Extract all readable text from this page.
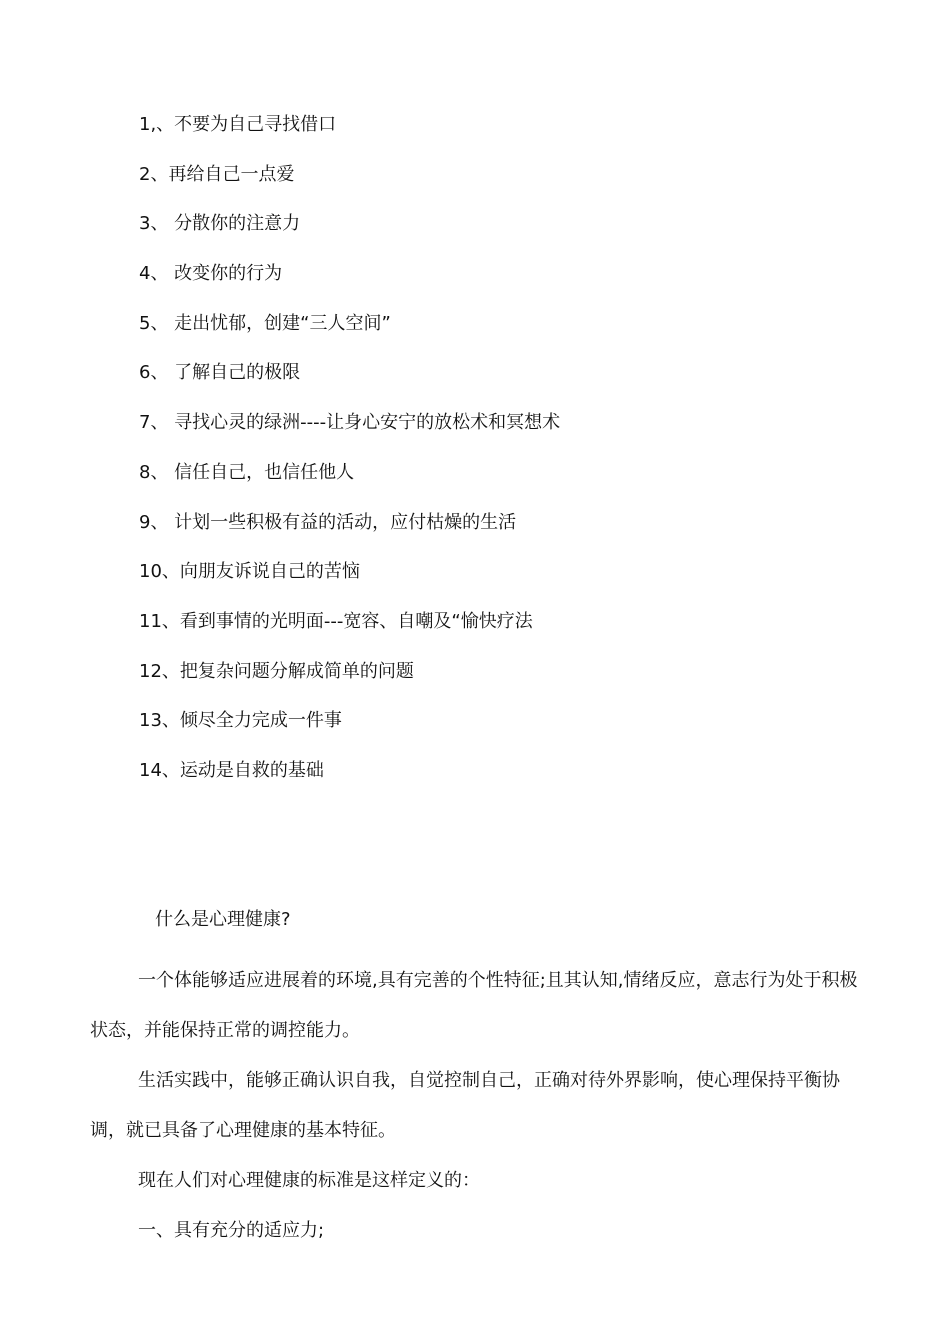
1,、不要为自己寻找借口
2、再给自己一点爱
3、 分散你的注意力
4、 改变你的行为
5、 走出忧郁，创建“三人空间”
6、 了解自己的极限
7、 寻找心灵的绿洲----让身心安宁的放松术和冥想术
8、 信任自己，也信任他人
9、 计划一些积极有益的活动，应付枯燥的生活
10、向朋友诉说自己的苦恼
11、看到事情的光明面---宽容、自嘲及“愉快疗法
12、把复杂问题分解成简单的问题
13、倾尽全力完成一件事
14、运动是自救的基础
什么是心理健康?

一个体能够适应进展着的环境,具有完善的个性特征;且其认知,情绪反应，意志行为处于积极状态，并能保持正常的调控能力。

生活实践中，能够正确认识自我，自觉控制自己，正确对待外界影响，使心理保持平衡协调，就已具备了心理健康的基本特征。

现在人们对心理健康的标准是这样定义的：

一、具有充分的适应力;
